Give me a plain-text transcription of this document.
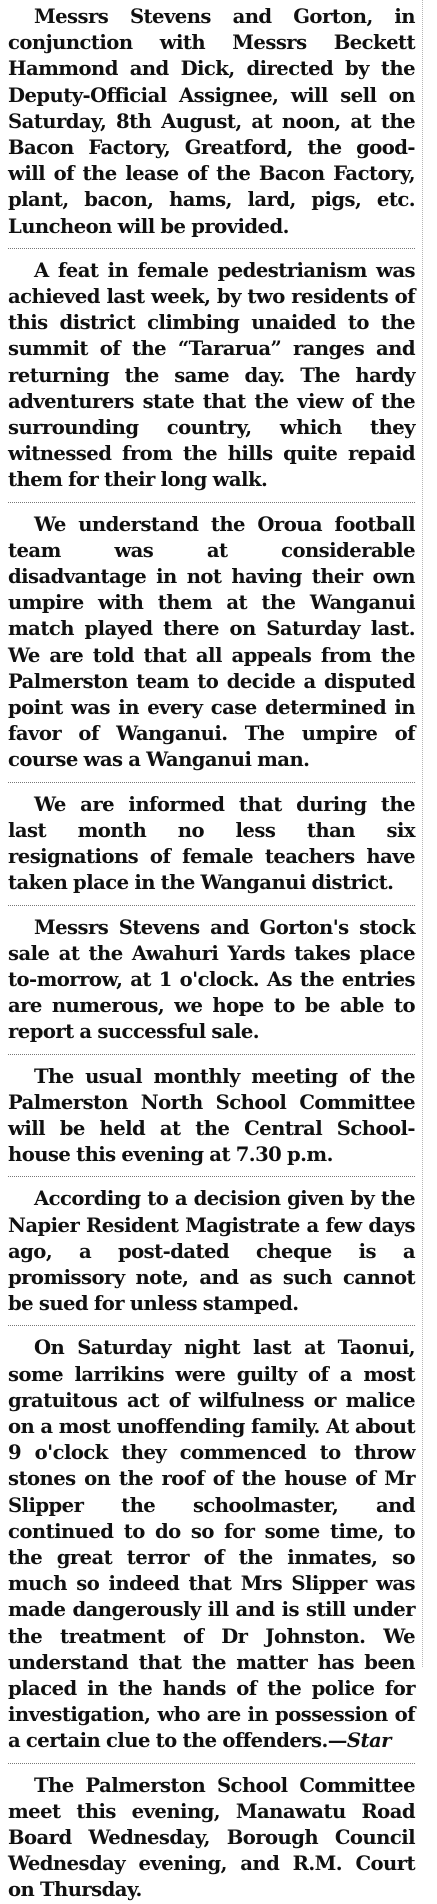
Messrs Stevens and Gorton, in conjunction with Messrs Beckett Hammond and Dick, directed by the Deputy-Official Assignee, will sell on Saturday, 8th August, at noon, at the Bacon Factory, Greatford, the good-will of the lease of the Bacon Factory, plant, bacon, hams, lard, pigs, etc. Luncheon will be provided.

A feat in female pedestrianism was achieved last week, by two residents of this district climbing unaided to the summit of the “Tararua” ranges and returning the same day. The hardy adventurers state that the view of the surrounding country, which they witnessed from the hills quite repaid them for their long walk.

We understand the Oroua football team was at considerable disadvantage in not having their own umpire with them at the Wanganui match played there on Saturday last. We are told that all appeals from the Palmerston team to decide a disputed point was in every case determined in favor of Wanganui. The umpire of course was a Wanganui man.

We are informed that during the last month no less than six resignations of female teachers have taken place in the Wanganui district.

Messrs Stevens and Gorton's stock sale at the Awahuri Yards takes place to-morrow, at 1 o'clock. As the entries are numerous, we hope to be able to report a successful sale.

The usual monthly meeting of the Palmerston North School Committee will be held at the Central School-house this evening at 7.30 p.m.

According to a decision given by the Napier Resident Magistrate a few days ago, a post-dated cheque is a promissory note, and as such cannot be sued for unless stamped.

On Saturday night last at Taonui, some larrikins were guilty of a most gratuitous act of wilfulness or malice on a most unoffending family. At about 9 o'clock they commenced to throw stones on the roof of the house of Mr Slipper the schoolmaster, and continued to do so for some time, to the great terror of the inmates, so much so indeed that Mrs Slipper was made dangerously ill and is still under the treatment of Dr Johnston. We understand that the matter has been placed in the hands of the police for investigation, who are in possession of a certain clue to the offenders.—Star

The Palmerston School Committee meet this evening, Manawatu Road Board Wednesday, Borough Council Wednesday evening, and R.M. Court on Thursday.
